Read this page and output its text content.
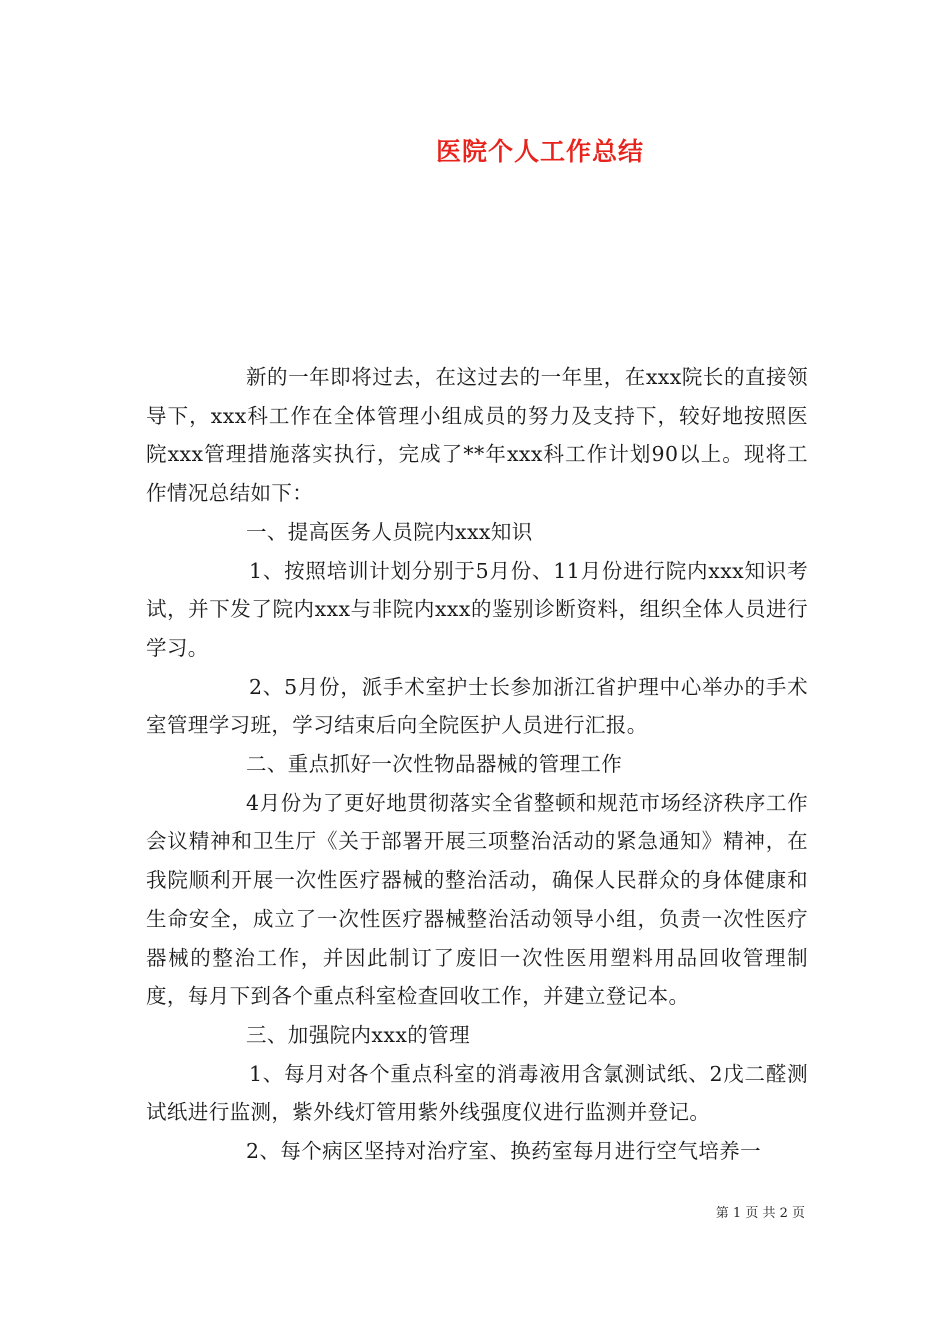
医院个人工作总结

新的一年即将过去，在这过去的一年里，在xxx院长的直接领导下，xxx科工作在全体管理小组成员的努力及支持下，较好地按照医院xxx管理措施落实执行，完成了**年xxx科工作计划90以上。现将工作情况总结如下：

一、提高医务人员院内xxx知识

1、按照培训计划分别于5月份、11月份进行院内xxx知识考试，并下发了院内xxx与非院内xxx的鉴别诊断资料，组织全体人员进行学习。

2、5月份，派手术室护士长参加浙江省护理中心举办的手术室管理学习班，学习结束后向全院医护人员进行汇报。

二、重点抓好一次性物品器械的管理工作

4月份为了更好地贯彻落实全省整顿和规范市场经济秩序工作会议精神和卫生厅《关于部署开展三项整治活动的紧急通知》精神，在我院顺利开展一次性医疗器械的整治活动，确保人民群众的身体健康和生命安全，成立了一次性医疗器械整治活动领导小组，负责一次性医疗器械的整治工作，并因此制订了废旧一次性医用塑料用品回收管理制度，每月下到各个重点科室检查回收工作，并建立登记本。

三、加强院内xxx的管理

1、每月对各个重点科室的消毒液用含氯测试纸、2戊二醛测试纸进行监测，紫外线灯管用紫外线强度仪进行监测并登记。

2、每个病区坚持对治疗室、换药室每月进行空气培养一

第 1 页 共 2 页
